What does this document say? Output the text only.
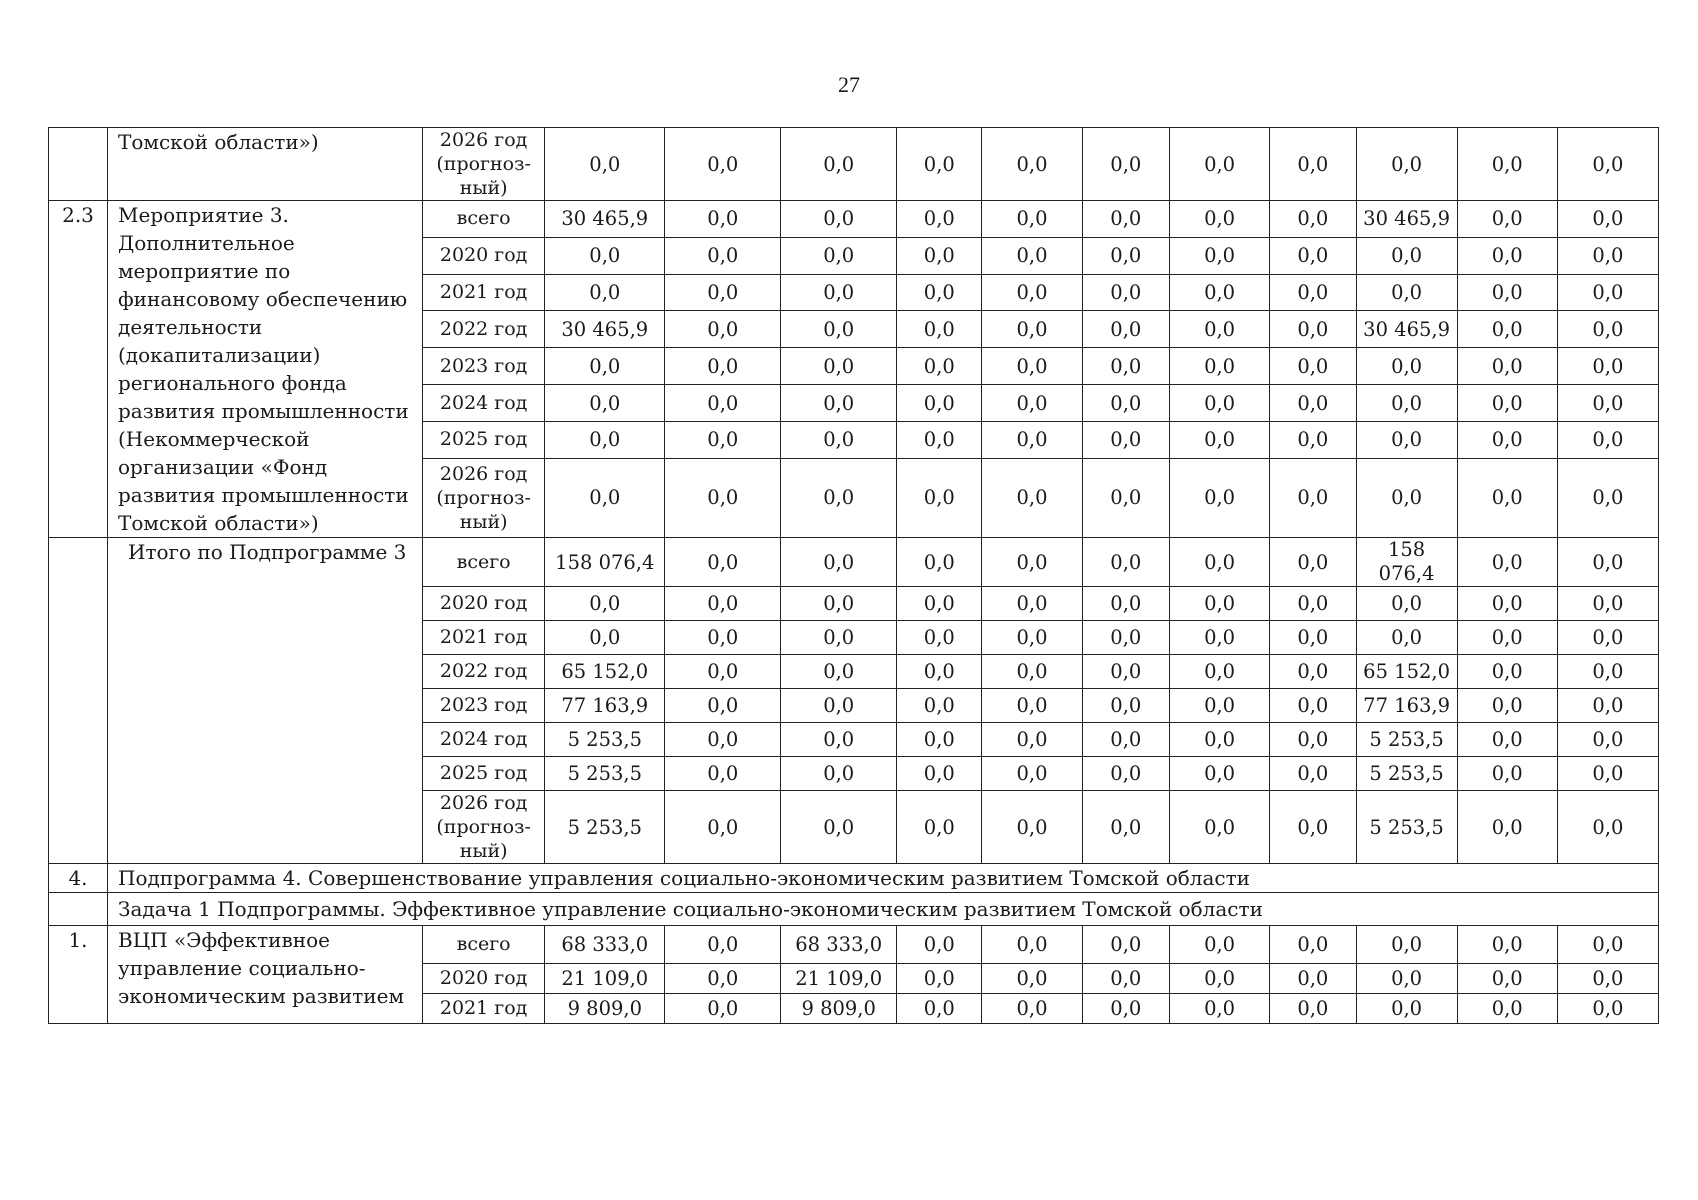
27
	Томской области»)	2026 год (прогнозный)	0,0	0,0	0,0	0,0	0,0	0,0	0,0	0,0	0,0	0,0	0,0
2.3	Мероприятие 3. Дополнительное мероприятие по финансовому обеспечению деятельности (докапитализации) регионального фонда развития промышленности (Некоммерческой организации «Фонд развития промышленности Томской области»)	всего	30 465,9	0,0	0,0	0,0	0,0	0,0	0,0	0,0	30 465,9	0,0	0,0
		2020 год	0,0	0,0	0,0	0,0	0,0	0,0	0,0	0,0	0,0	0,0	0,0
		2021 год	0,0	0,0	0,0	0,0	0,0	0,0	0,0	0,0	0,0	0,0	0,0
		2022 год	30 465,9	0,0	0,0	0,0	0,0	0,0	0,0	0,0	30 465,9	0,0	0,0
		2023 год	0,0	0,0	0,0	0,0	0,0	0,0	0,0	0,0	0,0	0,0	0,0
		2024 год	0,0	0,0	0,0	0,0	0,0	0,0	0,0	0,0	0,0	0,0	0,0
		2025 год	0,0	0,0	0,0	0,0	0,0	0,0	0,0	0,0	0,0	0,0	0,0
		2026 год (прогнозный)	0,0	0,0	0,0	0,0	0,0	0,0	0,0	0,0	0,0	0,0	0,0
	Итого по Подпрограмме 3	всего	158 076,4	0,0	0,0	0,0	0,0	0,0	0,0	0,0	158 076,4	0,0	0,0
		2020 год	0,0	0,0	0,0	0,0	0,0	0,0	0,0	0,0	0,0	0,0	0,0
		2021 год	0,0	0,0	0,0	0,0	0,0	0,0	0,0	0,0	0,0	0,0	0,0
		2022 год	65 152,0	0,0	0,0	0,0	0,0	0,0	0,0	0,0	65 152,0	0,0	0,0
		2023 год	77 163,9	0,0	0,0	0,0	0,0	0,0	0,0	0,0	77 163,9	0,0	0,0
		2024 год	5 253,5	0,0	0,0	0,0	0,0	0,0	0,0	0,0	5 253,5	0,0	0,0
		2025 год	5 253,5	0,0	0,0	0,0	0,0	0,0	0,0	0,0	5 253,5	0,0	0,0
		2026 год (прогнозный)	5 253,5	0,0	0,0	0,0	0,0	0,0	0,0	0,0	5 253,5	0,0	0,0
4.	Подпрограмма 4. Совершенствование управления социально-экономическим развитием Томской области												
	Задача 1 Подпрограммы. Эффективное управление социально-экономическим развитием Томской области												
1.	ВЦП «Эффективное управление социально-экономическим развитием	всего	68 333,0	0,0	68 333,0	0,0	0,0	0,0	0,0	0,0	0,0	0,0	0,0
		2020 год	21 109,0	0,0	21 109,0	0,0	0,0	0,0	0,0	0,0	0,0	0,0	0,0
		2021 год	9 809,0	0,0	9 809,0	0,0	0,0	0,0	0,0	0,0	0,0	0,0	0,0
